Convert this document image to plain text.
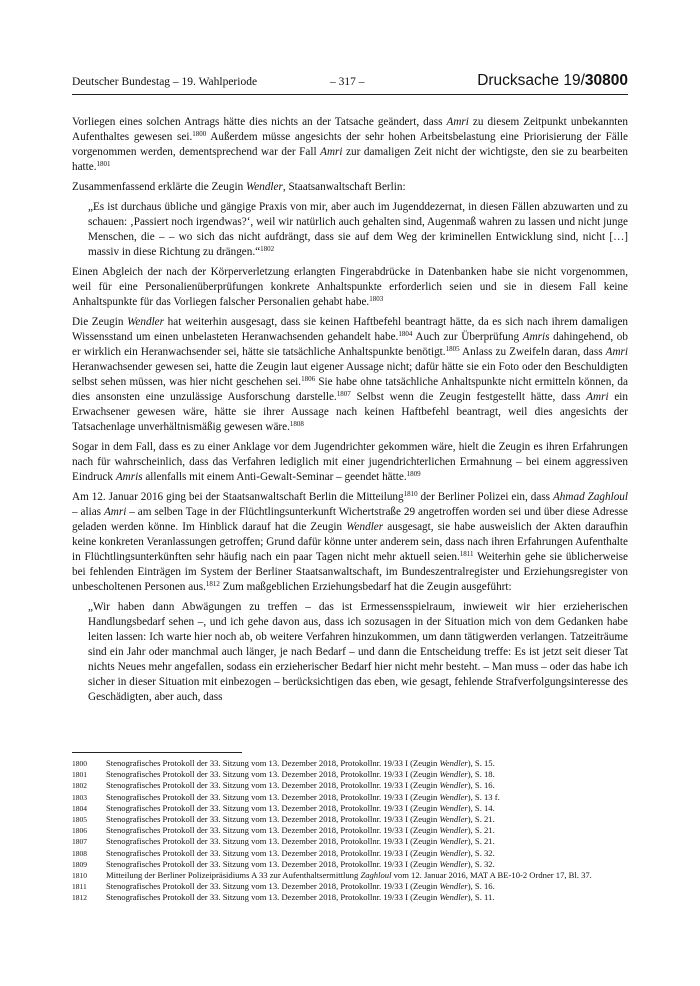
Deutscher Bundestag – 19. Wahlperiode	– 317 –	Drucksache 19/30800

Vorliegen eines solchen Antrags hätte dies nichts an der Tatsache geändert, dass Amri zu diesem Zeitpunkt unbekannten Aufenthaltes gewesen sei.$^{1800}$ Außerdem müsse angesichts der sehr hohen Arbeitsbelastung eine Priorisierung der Fälle vorgenommen werden, dementsprechend war der Fall Amri zur damaligen Zeit nicht der wichtigste, den sie zu bearbeiten hatte.$^{1801}$

Zusammenfassend erklärte die Zeugin Wendler, Staatsanwaltschaft Berlin:

„Es ist durchaus übliche und gängige Praxis von mir, aber auch im Jugenddezernat, in diesen Fällen abzuwarten und zu schauen: ‚Passiert noch irgendwas?‘, weil wir natürlich auch gehalten sind, Augenmaß wahren zu lassen und nicht junge Menschen, die – – wo sich das nicht aufdrängt, dass sie auf dem Weg der kriminellen Entwicklung sind, nicht […] massiv in diese Richtung zu drängen.“$^{1802}$

Einen Abgleich der nach der Körperverletzung erlangten Fingerabdrücke in Datenbanken habe sie nicht vorgenommen, weil für eine Personalienüberprüfungen konkrete Anhaltspunkte erforderlich seien und sie in diesem Fall keine Anhaltspunkte für das Vorliegen falscher Personalien gehabt habe.$^{1803}$

Die Zeugin Wendler hat weiterhin ausgesagt, dass sie keinen Haftbefehl beantragt hätte, da es sich nach ihrem damaligen Wissensstand um einen unbelasteten Heranwachsenden gehandelt habe.$^{1804}$ Auch zur Überprüfung Amris dahingehend, ob er wirklich ein Heranwachsender sei, hätte sie tatsächliche Anhaltspunkte benötigt.$^{1805}$ Anlass zu Zweifeln daran, dass Amri Heranwachsender gewesen sei, hatte die Zeugin laut eigener Aussage nicht; dafür hätte sie ein Foto oder den Beschuldigten selbst sehen müssen, was hier nicht geschehen sei.$^{1806}$ Sie habe ohne tatsächliche Anhaltspunkte nicht ermitteln können, da dies ansonsten eine unzulässige Ausforschung darstelle.$^{1807}$ Selbst wenn die Zeugin festgestellt hätte, dass Amri ein Erwachsener gewesen wäre, hätte sie ihrer Aussage nach keinen Haftbefehl beantragt, weil dies angesichts der Tatsachenlage unverhältnismäßig gewesen wäre.$^{1808}$

Sogar in dem Fall, dass es zu einer Anklage vor dem Jugendrichter gekommen wäre, hielt die Zeugin es ihren Erfahrungen nach für wahrscheinlich, dass das Verfahren lediglich mit einer jugendrichterlichen Ermahnung – bei einem aggressiven Eindruck Amris allenfalls mit einem Anti-Gewalt-Seminar – geendet hätte.$^{1809}$

Am 12. Januar 2016 ging bei der Staatsanwaltschaft Berlin die Mitteilung$^{1810}$ der Berliner Polizei ein, dass Ahmad Zaghloul – alias Amri – am selben Tage in der Flüchtlingsunterkunft Wichertstraße 29 angetroffen worden sei und über diese Adresse geladen werden könne. Im Hinblick darauf hat die Zeugin Wendler ausgesagt, sie habe ausweislich der Akten daraufhin keine konkreten Veranlassungen getroffen; Grund dafür könne unter anderem sein, dass nach ihren Erfahrungen Aufenthalte in Flüchtlingsunterkünften sehr häufig nach ein paar Tagen nicht mehr aktuell seien.$^{1811}$ Weiterhin gehe sie üblicherweise bei fehlenden Einträgen im System der Berliner Staatsanwaltschaft, im Bundeszentralregister und Erziehungsregister von unbescholtenen Personen aus.$^{1812}$ Zum maßgeblichen Erziehungsbedarf hat die Zeugin ausgeführt:

„Wir haben dann Abwägungen zu treffen – das ist Ermessensspielraum, inwieweit wir hier erzieherischen Handlungsbedarf sehen –, und ich gehe davon aus, dass ich sozusagen in der Situation mich von dem Gedanken habe leiten lassen: Ich warte hier noch ab, ob weitere Verfahren hinzukommen, um dann tätigwerden verlangen. Tatzeiträume sind ein Jahr oder manchmal auch länger, je nach Bedarf – und dann die Entscheidung treffe: Es ist jetzt seit dieser Tat nichts Neues mehr angefallen, sodass ein erzieherischer Bedarf hier nicht mehr besteht. – Man muss – oder das habe ich sicher in dieser Situation mit einbezogen – berücksichtigen das eben, wie gesagt, fehlende Strafverfolgungsinteresse des Geschädigten, aber auch, dass

1800	Stenografisches Protokoll der 33. Sitzung vom 13. Dezember 2018, Protokollnr. 19/33 I (Zeugin Wendler), S. 15.
1801	Stenografisches Protokoll der 33. Sitzung vom 13. Dezember 2018, Protokollnr. 19/33 I (Zeugin Wendler), S. 18.
1802	Stenografisches Protokoll der 33. Sitzung vom 13. Dezember 2018, Protokollnr. 19/33 I (Zeugin Wendler), S. 16.
1803	Stenografisches Protokoll der 33. Sitzung vom 13. Dezember 2018, Protokollnr. 19/33 I (Zeugin Wendler), S. 13 f.
1804	Stenografisches Protokoll der 33. Sitzung vom 13. Dezember 2018, Protokollnr. 19/33 I (Zeugin Wendler), S. 14.
1805	Stenografisches Protokoll der 33. Sitzung vom 13. Dezember 2018, Protokollnr. 19/33 I (Zeugin Wendler), S. 21.
1806	Stenografisches Protokoll der 33. Sitzung vom 13. Dezember 2018, Protokollnr. 19/33 I (Zeugin Wendler), S. 21.
1807	Stenografisches Protokoll der 33. Sitzung vom 13. Dezember 2018, Protokollnr. 19/33 I (Zeugin Wendler), S. 21.
1808	Stenografisches Protokoll der 33. Sitzung vom 13. Dezember 2018, Protokollnr. 19/33 I (Zeugin Wendler), S. 32.
1809	Stenografisches Protokoll der 33. Sitzung vom 13. Dezember 2018, Protokollnr. 19/33 I (Zeugin Wendler), S. 32.
1810	Mitteilung der Berliner Polizeipräsidiums A 33 zur Aufenthaltsermittlung Zaghloul vom 12. Januar 2016, MAT A BE-10-2 Ordner 17, Bl. 37.
1811	Stenografisches Protokoll der 33. Sitzung vom 13. Dezember 2018, Protokollnr. 19/33 I (Zeugin Wendler), S. 16.
1812	Stenografisches Protokoll der 33. Sitzung vom 13. Dezember 2018, Protokollnr. 19/33 I (Zeugin Wendler), S. 11.
